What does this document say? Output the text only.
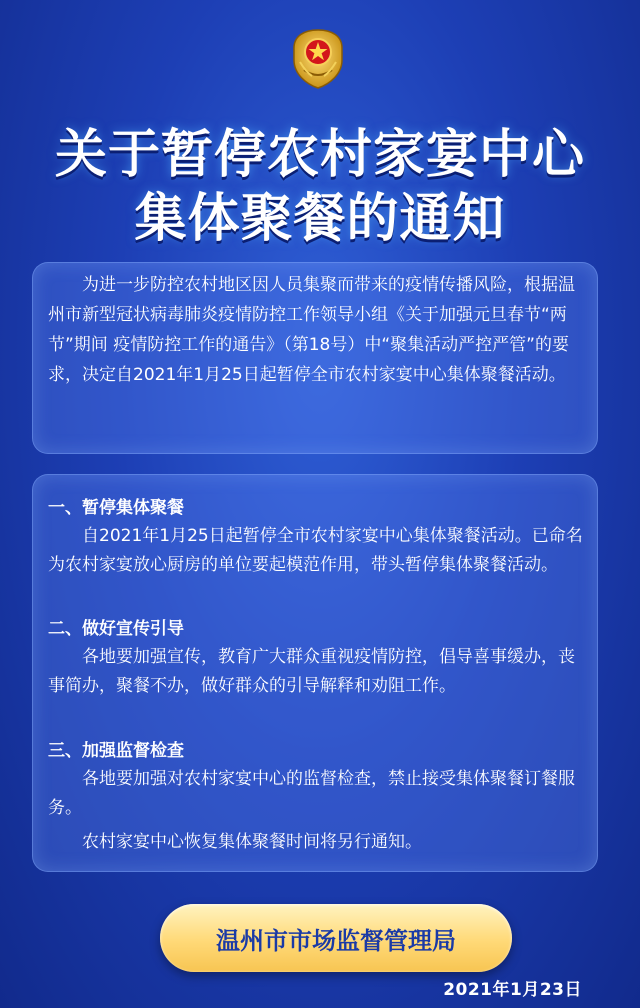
关于暂停农村家宴中心
集体聚餐的通知

为进一步防控农村地区因人员集聚而带来的疫情传播风险，根据温州市新型冠状病毒肺炎疫情防控工作领导小组《关于加强元旦春节“两节”期间 疫情防控工作的通告》（第18号）中“聚集活动严控严管”的要求，决定自2021年1月25日起暂停全市农村家宴中心集体聚餐活动。

一、暂停集体聚餐
自2021年1月25日起暂停全市农村家宴中心集体聚餐活动。已命名为农村家宴放心厨房的单位要起模范作用，带头暂停集体聚餐活动。
二、做好宣传引导
各地要加强宣传，教育广大群众重视疫情防控，倡导喜事缓办，丧事简办，聚餐不办，做好群众的引导解释和劝阻工作。
三、加强监督检查
各地要加强对农村家宴中心的监督检查，禁止接受集体聚餐订餐服务。
农村家宴中心恢复集体聚餐时间将另行通知。
温州市市场监督管理局
2021年1月23日
